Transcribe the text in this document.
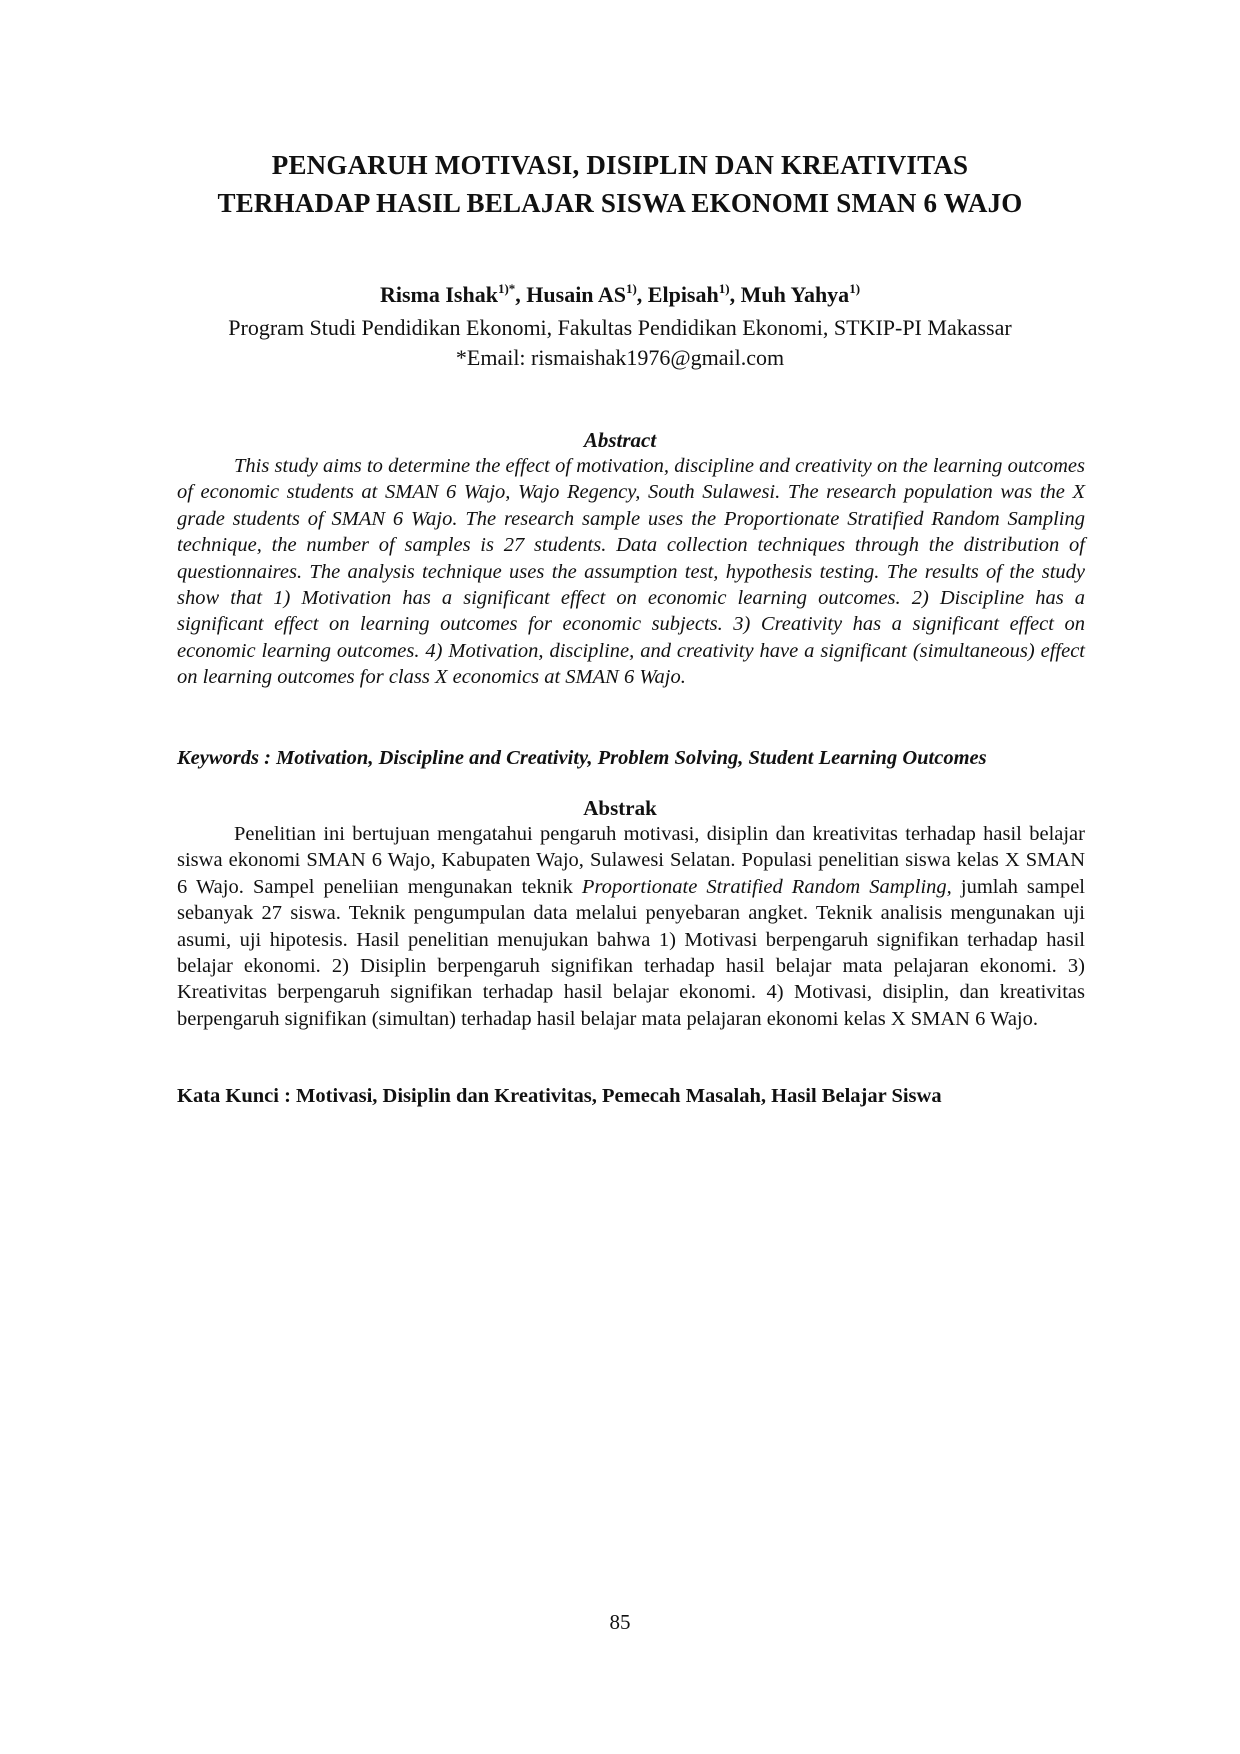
PENGARUH MOTIVASI, DISIPLIN DAN KREATIVITAS
TERHADAP HASIL BELAJAR SISWA EKONOMI SMAN 6 WAJO
Risma Ishak$^{1)*}$, Husain AS$^{1)}$, Elpisah$^{1)}$, Muh Yahya$^{1)}$
Program Studi Pendidikan Ekonomi, Fakultas Pendidikan Ekonomi, STKIP-PI Makassar
*Email: rismaishak1976@gmail.com
Abstract

This study aims to determine the effect of motivation, discipline and creativity on the learning outcomes of economic students at SMAN 6 Wajo, Wajo Regency, South Sulawesi. The research population was the X grade students of SMAN 6 Wajo. The research sample uses the Proportionate Stratified Random Sampling technique, the number of samples is 27 students. Data collection techniques through the distribution of questionnaires. The analysis technique uses the assumption test, hypothesis testing. The results of the study show that 1) Motivation has a significant effect on economic learning outcomes. 2) Discipline has a significant effect on learning outcomes for economic subjects. 3) Creativity has a significant effect on economic learning outcomes. 4) Motivation, discipline, and creativity have a significant (simultaneous) effect on learning outcomes for class X economics at SMAN 6 Wajo.

Keywords : Motivation, Discipline and Creativity, Problem Solving, Student Learning Outcomes
Abstrak

Penelitian ini bertujuan mengatahui pengaruh motivasi, disiplin dan kreativitas terhadap hasil belajar siswa ekonomi SMAN 6 Wajo, Kabupaten Wajo, Sulawesi Selatan. Populasi penelitian siswa kelas X SMAN 6 Wajo. Sampel peneliian mengunakan teknik Proportionate Stratified Random Sampling, jumlah sampel sebanyak 27 siswa. Teknik pengumpulan data melalui penyebaran angket. Teknik analisis mengunakan uji asumi, uji hipotesis. Hasil penelitian menujukan bahwa 1) Motivasi berpengaruh signifikan terhadap hasil belajar ekonomi. 2) Disiplin berpengaruh signifikan terhadap hasil belajar mata pelajaran ekonomi. 3) Kreativitas berpengaruh signifikan terhadap hasil belajar ekonomi. 4) Motivasi, disiplin, dan kreativitas berpengaruh signifikan (simultan) terhadap hasil belajar mata pelajaran ekonomi kelas X SMAN 6 Wajo.

Kata Kunci : Motivasi, Disiplin dan Kreativitas, Pemecah Masalah, Hasil Belajar Siswa
85
